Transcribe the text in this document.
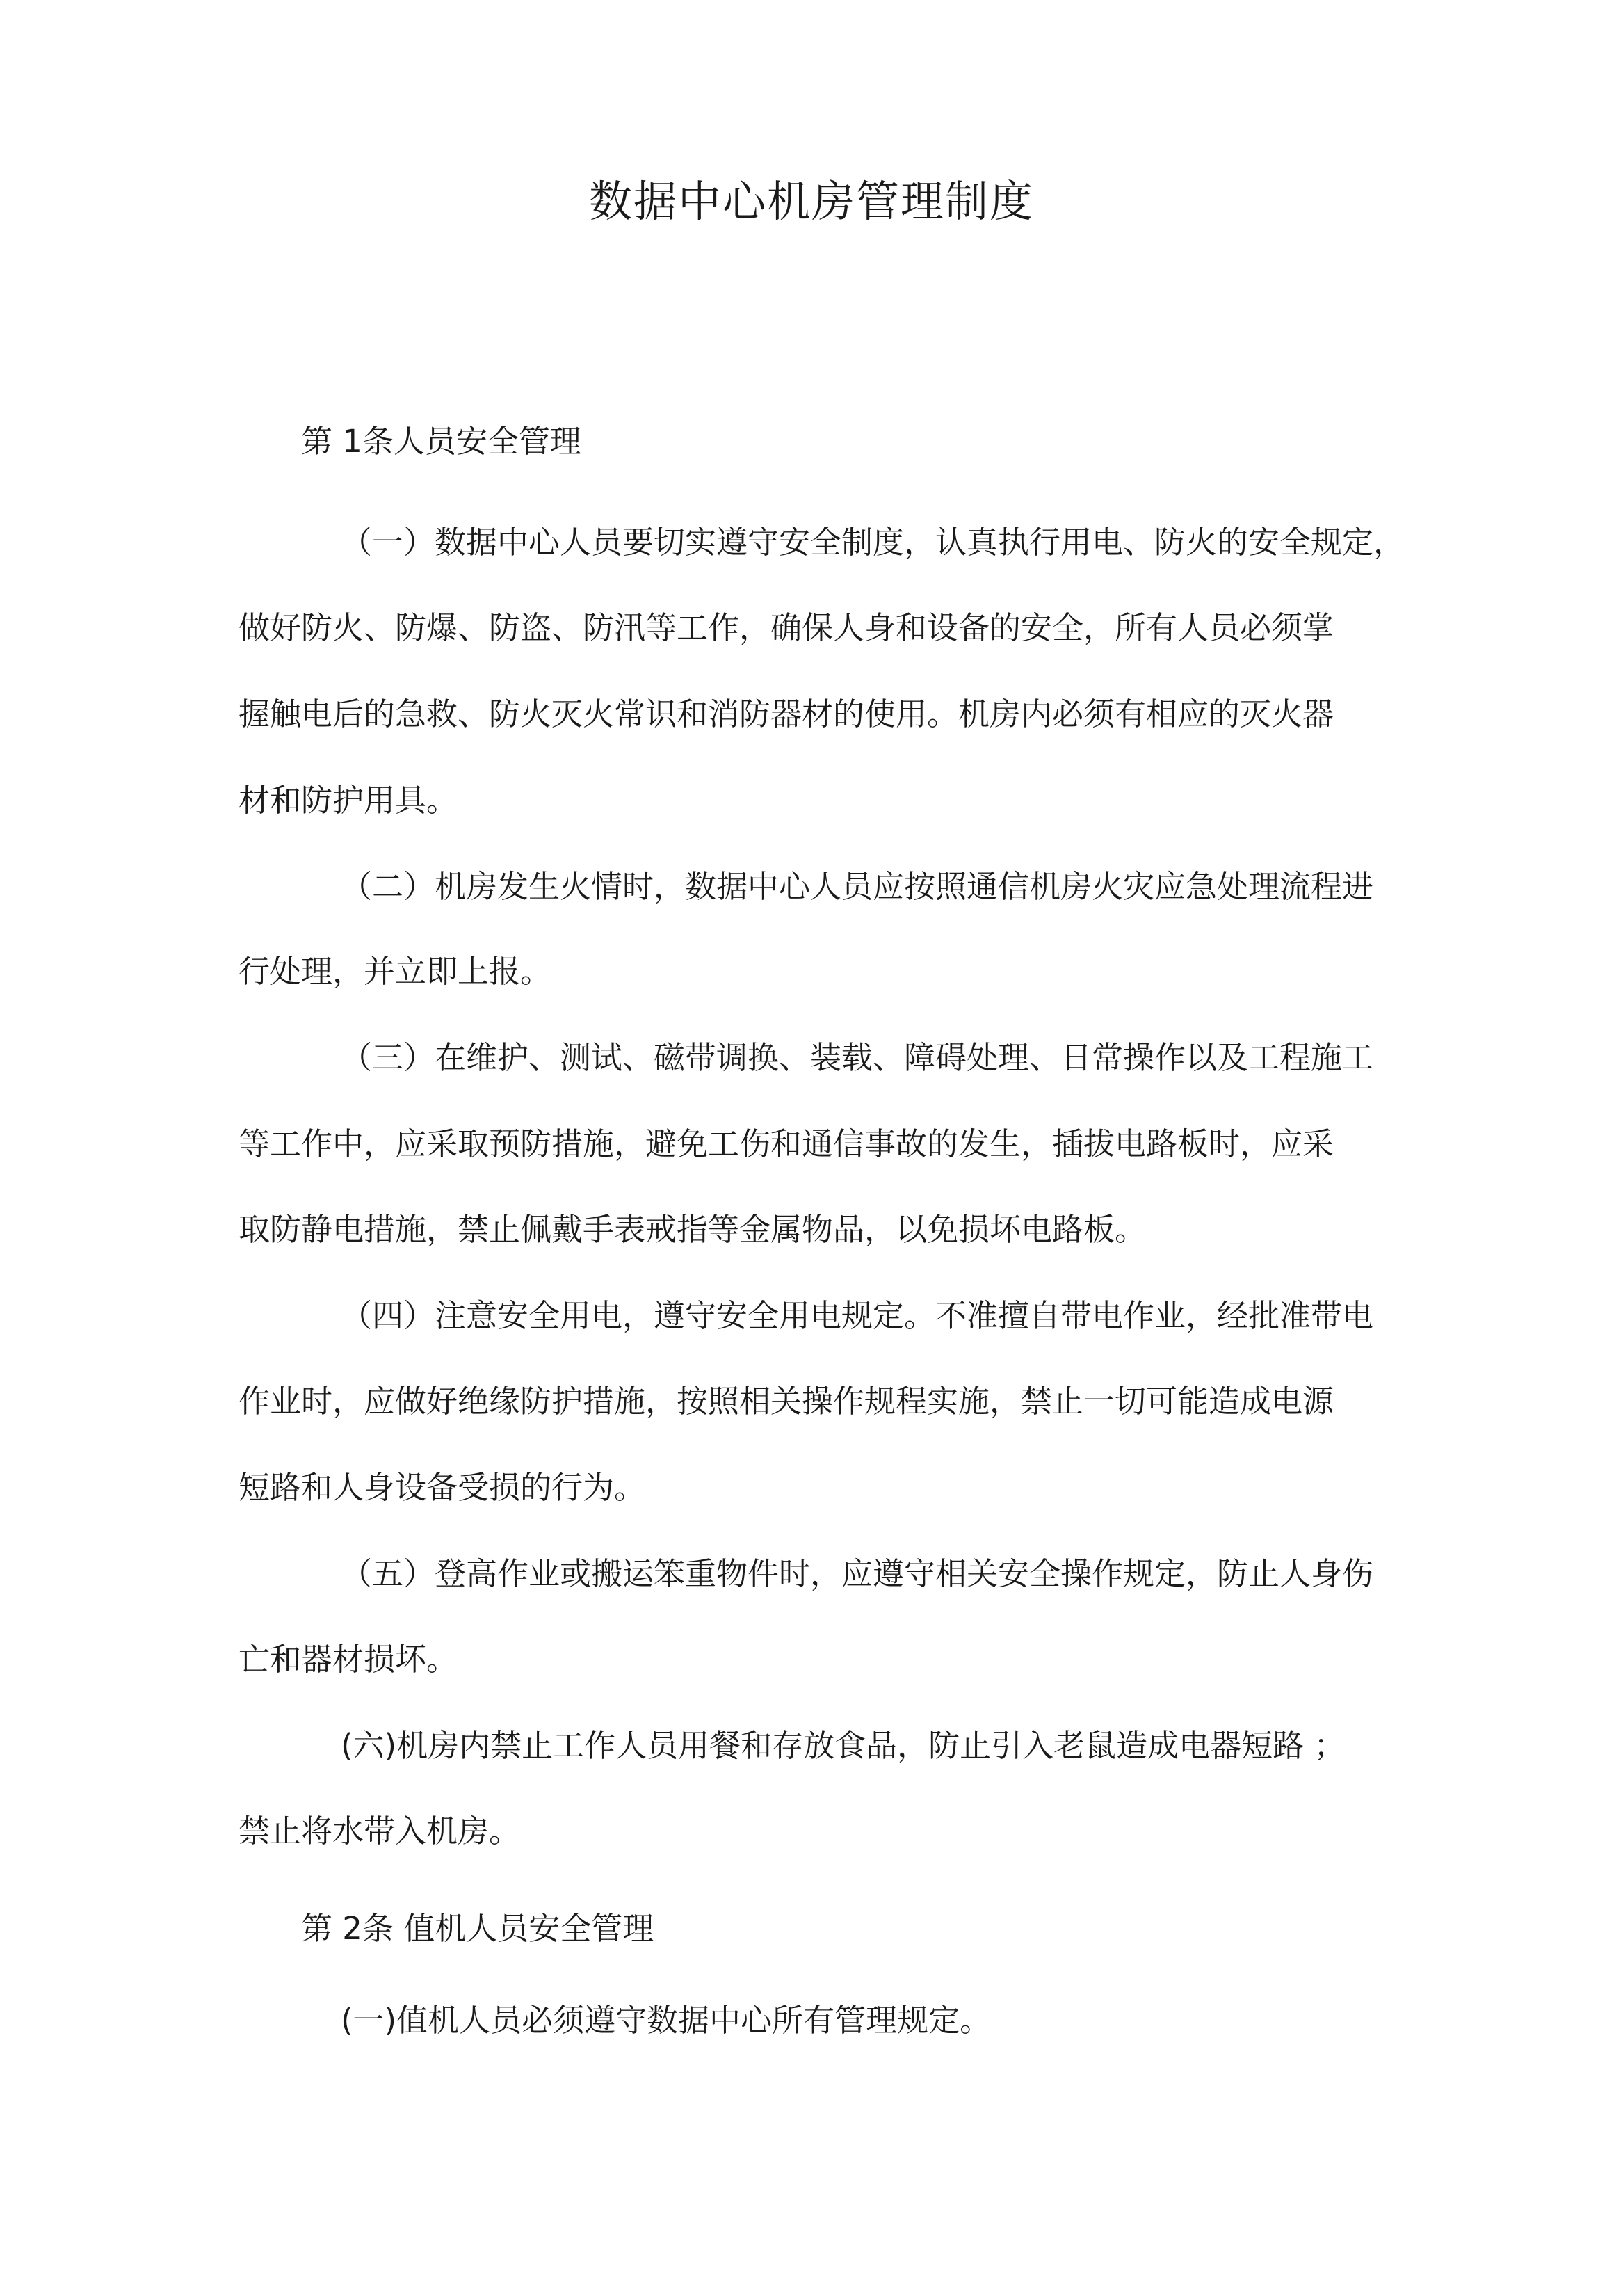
数据中心机房管理制度
第 1条人员安全管理
（一）数据中心人员要切实遵守安全制度，认真执行用电、防火的安全规定，
做好防火、防爆、防盗、防汛等工作，确保人身和设备的安全，所有人员必须掌
握触电后的急救、防火灭火常识和消防器材的使用。机房内必须有相应的灭火器
材和防护用具。
（二）机房发生火情时，数据中心人员应按照通信机房火灾应急处理流程进
行处理，并立即上报。
（三）在维护、测试、磁带调换、装载、障碍处理、日常操作以及工程施工
等工作中，应采取预防措施，避免工伤和通信事故的发生，插拔电路板时，应采
取防静电措施，禁止佩戴手表戒指等金属物品，以免损坏电路板。
（四）注意安全用电，遵守安全用电规定。不准擅自带电作业，经批准带电
作业时，应做好绝缘防护措施，按照相关操作规程实施，禁止一切可能造成电源
短路和人身设备受损的行为。
（五）登高作业或搬运笨重物件时，应遵守相关安全操作规定，防止人身伤
亡和器材损坏。
(六)机房内禁止工作人员用餐和存放食品，防止引入老鼠造成电器短路 ；
禁止将水带入机房。
第 2条 值机人员安全管理
(一)值机人员必须遵守数据中心所有管理规定。
